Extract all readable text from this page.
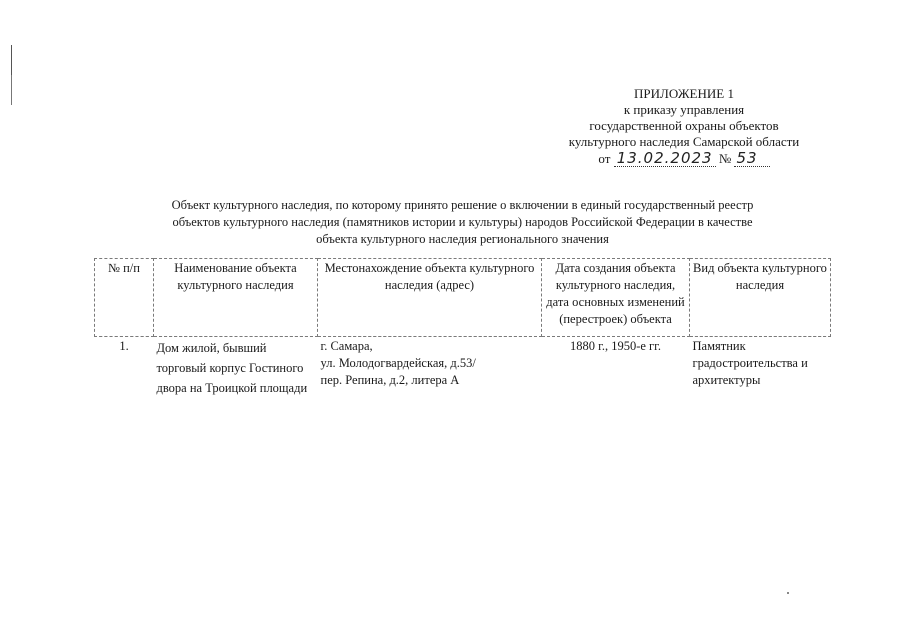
ПРИЛОЖЕНИЕ 1
к приказу управления
государственной охраны объектов
культурного наследия Самарской области
от 13.02.2023 № 53
Объект культурного наследия, по которому принято решение о включении в единый государственный реестр
объектов культурного наследия (памятников истории и культуры) народов Российской Федерации в качестве
объекта культурного наследия регионального значения
№ п/п	Наименование объекта культурного наследия	Местонахождение объекта культурного наследия (адрес)	Дата создания объекта культурного наследия, дата основных изменений (перестроек) объекта	Вид объекта культурного наследия
1.	Дом жилой, бывший торговый корпус Гостиного двора на Троицкой площади	г. Самара,
ул. Молодогвардейская, д.53/
пер. Репина, д.2, литера А	1880 г., 1950-е гг.	Памятник градостроительства и архитектуры
